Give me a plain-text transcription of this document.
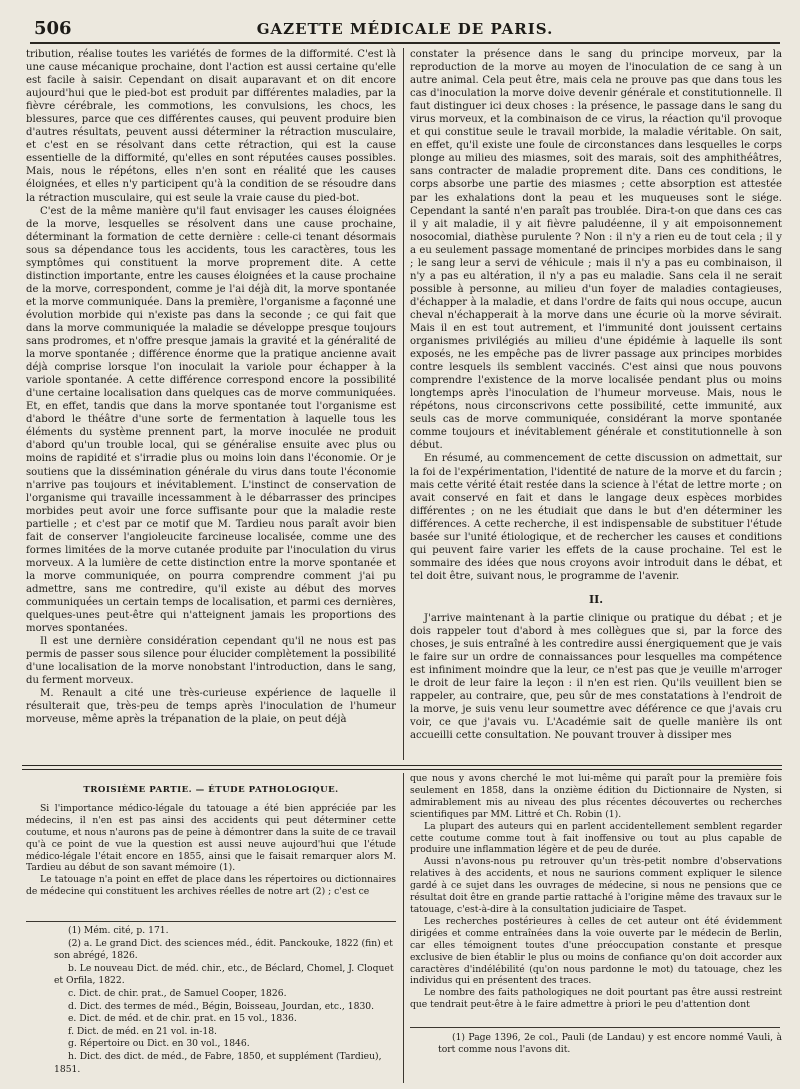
506	GAZETTE MÉDICALE DE PARIS.

tribution, réalise toutes les variétés de formes de la difformité. C'est là une cause mécanique prochaine, dont l'action est aussi certaine qu'elle est facile à saisir. Cependant on disait auparavant et on dit encore aujourd'hui que le pied-bot est produit par différentes maladies, par la fièvre cérébrale, les commotions, les convulsions, les chocs, les blessures, parce que ces différentes causes, qui peuvent produire bien d'autres résultats, peuvent aussi déterminer la rétraction musculaire, et c'est en se résolvant dans cette rétraction, qui est la cause essentielle de la difformité, qu'elles en sont réputées causes possibles. Mais, nous le répétons, elles n'en sont en réalité que les causes éloignées, et elles n'y participent qu'à la condition de se résoudre dans la rétraction musculaire, qui est seule la vraie cause du pied-bot.

C'est de la même manière qu'il faut envisager les causes éloignées de la morve, lesquelles se résolvent dans une cause prochaine, déterminant la formation de cette dernière : celle-ci tenant désormais sous sa dépendance tous les accidents, tous les caractères, tous les symptômes qui constituent la morve proprement dite. A cette distinction importante, entre les causes éloignées et la cause prochaine de la morve, correspondent, comme je l'ai déjà dit, la morve spontanée et la morve communiquée. Dans la première, l'organisme a façonné une évolution morbide qui n'existe pas dans la seconde ; ce qui fait que dans la morve communiquée la maladie se développe presque toujours sans prodromes, et n'offre presque jamais la gravité et la généralité de la morve spontanée ; différence énorme que la pratique ancienne avait déjà comprise lorsque l'on inoculait la variole pour échapper à la variole spontanée. A cette différence correspond encore la possibilité d'une certaine localisation dans quelques cas de morve communiquées. Et, en effet, tandis que dans la morve spontanée tout l'organisme est d'abord le théâtre d'une sorte de fermentation à laquelle tous les éléments du système prennent part, la morve inoculée ne produit d'abord qu'un trouble local, qui se généralise ensuite avec plus ou moins de rapidité et s'irradie plus ou moins loin dans l'économie. Or je soutiens que la dissémination générale du virus dans toute l'économie n'arrive pas toujours et inévitablement. L'instinct de conservation de l'organisme qui travaille incessamment à le débarrasser des principes morbides peut avoir une force suffisante pour que la maladie reste partielle ; et c'est par ce motif que M. Tardieu nous paraît avoir bien fait de conserver l'angioleucite farcineuse localisée, comme une des formes limitées de la morve cutanée produite par l'inoculation du virus morveux. A la lumière de cette distinction entre la morve spontanée et la morve communiquée, on pourra comprendre comment j'ai pu admettre, sans me contredire, qu'il existe au début des morves communiquées un certain temps de localisation, et parmi ces dernières, quelques-unes peut-être qui n'atteignent jamais les proportions des morves spontanées.

Il est une dernière considération cependant qu'il ne nous est pas permis de passer sous silence pour élucider complètement la possibilité d'une localisation de la morve nonobstant l'introduction, dans le sang, du ferment morveux.

M. Renault a cité une très-curieuse expérience de laquelle il résulterait que, très-peu de temps après l'inoculation de l'humeur morveuse, même après la trépanation de la plaie, on peut déjà

constater la présence dans le sang du principe morveux, par la reproduction de la morve au moyen de l'inoculation de ce sang à un autre animal. Cela peut être, mais cela ne prouve pas que dans tous les cas d'inoculation la morve doive devenir générale et constitutionnelle. Il faut distinguer ici deux choses : la présence, le passage dans le sang du virus morveux, et la combinaison de ce virus, la réaction qu'il provoque et qui constitue seule le travail morbide, la maladie véritable. On sait, en effet, qu'il existe une foule de circonstances dans lesquelles le corps plonge au milieu des miasmes, soit des marais, soit des amphithéâtres, sans contracter de maladie proprement dite. Dans ces conditions, le corps absorbe une partie des miasmes ; cette absorption est attestée par les exhalations dont la peau et les muqueuses sont le siége. Cependant la santé n'en paraît pas troublée. Dira-t-on que dans ces cas il y ait maladie, il y ait fièvre paludéenne, il y ait empoisonnement nosocomial, diathèse purulente ? Non : il n'y a rien eu de tout cela ; il y a eu seulement passage momentané de principes morbides dans le sang ; le sang leur a servi de véhicule ; mais il n'y a pas eu combinaison, il n'y a pas eu altération, il n'y a pas eu maladie. Sans cela il ne serait possible à personne, au milieu d'un foyer de maladies contagieuses, d'échapper à la maladie, et dans l'ordre de faits qui nous occupe, aucun cheval n'échapperait à la morve dans une écurie où la morve sévirait. Mais il en est tout autrement, et l'immunité dont jouissent certains organismes privilégiés au milieu d'une épidémie à laquelle ils sont exposés, ne les empêche pas de livrer passage aux principes morbides contre lesquels ils semblent vaccinés. C'est ainsi que nous pouvons comprendre l'existence de la morve localisée pendant plus ou moins longtemps après l'inoculation de l'humeur morveuse. Mais, nous le répétons, nous circonscrivons cette possibilité, cette immunité, aux seuls cas de morve communiquée, considérant la morve spontanée comme toujours et inévitablement générale et constitutionnelle à son début.

En résumé, au commencement de cette discussion on admettait, sur la foi de l'expérimentation, l'identité de nature de la morve et du farcin ; mais cette vérité était restée dans la science à l'état de lettre morte ; on avait conservé en fait et dans le langage deux espèces morbides différentes ; on ne les étudiait que dans le but d'en déterminer les différences. A cette recherche, il est indispensable de substituer l'étude basée sur l'unité étiologique, et de rechercher les causes et conditions qui peuvent faire varier les effets de la cause prochaine. Tel est le sommaire des idées que nous croyons avoir introduit dans le débat, et tel doit être, suivant nous, le programme de l'avenir.

II.

J'arrive maintenant à la partie clinique ou pratique du débat ; et je dois rappeler tout d'abord à mes collègues que si, par la force des choses, je suis entraîné à les contredire aussi énergiquement que je vais le faire sur un ordre de connaissances pour lesquelles ma compétence est infiniment moindre que la leur, ce n'est pas que je veuille m'arroger le droit de leur faire la leçon : il n'en est rien. Qu'ils veuillent bien se rappeler, au contraire, que, peu sûr de mes constatations à l'endroit de la morve, je suis venu leur soumettre avec déférence ce que j'avais cru voir, ce que j'avais vu. L'Académie sait de quelle manière ils ont accueilli cette consultation. Ne pouvant trouver à dissiper mes

TROISIÈME PARTIE. — ÉTUDE PATHOLOGIQUE.

Si l'importance médico-légale du tatouage a été bien appréciée par les médecins, il n'en est pas ainsi des accidents qui peut déterminer cette coutume, et nous n'aurons pas de peine à démontrer dans la suite de ce travail qu'à ce point de vue la question est aussi neuve aujourd'hui que l'étude médico-légale l'était encore en 1855, ainsi que le faisait remarquer alors M. Tardieu au début de son savant mémoire (1).

Le tatouage n'a point en effet de place dans les répertoires ou dictionnaires de médecine qui constituent les archives réelles de notre art (2) ; c'est ce

que nous y avons cherché le mot lui-même qui paraît pour la première fois seulement en 1858, dans la onzième édition du Dictionnaire de Nysten, si admirablement mis au niveau des plus récentes découvertes ou recherches scientifiques par MM. Littré et Ch. Robin (1).

La plupart des auteurs qui en parlent accidentellement semblent regarder cette coutume comme tout à fait inoffensive ou tout au plus capable de produire une inflammation légère et de peu de durée.

Aussi n'avons-nous pu retrouver qu'un très-petit nombre d'observations relatives à des accidents, et nous ne saurions comment expliquer le silence gardé à ce sujet dans les ouvrages de médecine, si nous ne pensions que ce résultat doit être en grande partie rattaché à l'origine même des travaux sur le tatouage, c'est-à-dire à la consultation judiciaire de Taspet.

Les recherches postérieures à celles de cet auteur ont été évidemment dirigées et comme entraînées dans la voie ouverte par le médecin de Berlin, car elles témoignent toutes d'une préoccupation constante et presque exclusive de bien établir le plus ou moins de confiance qu'on doit accorder aux caractères d'indélébilité (qu'on nous pardonne le mot) du tatouage, chez les individus qui en présentent des traces.

Le nombre des faits pathologiques ne doit pourtant pas être aussi restreint que tendrait peut-être à le faire admettre à priori le peu d'attention dont

(1) Mém. cité, p. 171.

(2) a. Le grand Dict. des sciences méd., édit. Panckouke, 1822 (fin) et son abrégé, 1826.

b. Le nouveau Dict. de méd. chir., etc., de Béclard, Chomel, J. Cloquet et Orfila, 1822.

c. Dict. de chir. prat., de Samuel Cooper, 1826.

d. Dict. des termes de méd., Bégin, Boisseau, Jourdan, etc., 1830.

e. Dict. de méd. et de chir. prat. en 15 vol., 1836.

f. Dict. de méd. en 21 vol. in-18.

g. Répertoire ou Dict. en 30 vol., 1846.

h. Dict. des dict. de méd., de Fabre, 1850, et supplément (Tardieu), 1851.

(1) Page 1396, 2e col., Pauli (de Landau) y est encore nommé Vauli, à tort comme nous l'avons dit.
